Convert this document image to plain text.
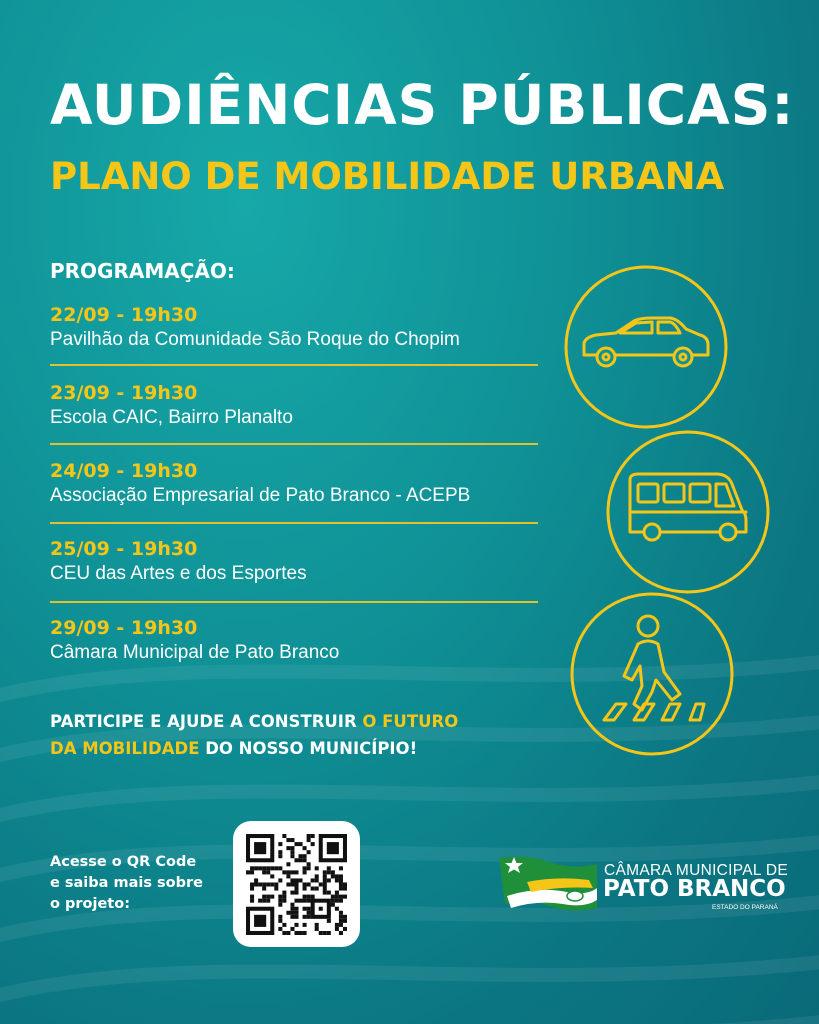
AUDIÊNCIAS PÚBLICAS:
PLANO DE MOBILIDADE URBANA
PROGRAMAÇÃO:
22/09 - 19h30
Pavilhão da Comunidade São Roque do Chopim
23/09 - 19h30
Escola CAIC, Bairro Planalto
24/09 - 19h30
Associação Empresarial de Pato Branco - ACEPB
25/09 - 19h30
CEU das Artes e dos Esportes
29/09 - 19h30
Câmara Municipal de Pato Branco
PARTICIPE E AJUDE A CONSTRUIR O FUTURO
DA MOBILIDADE DO NOSSO MUNICÍPIO!
Acesse o QR Code
e saiba mais sobre
o projeto:
CÂMARA MUNICIPAL DE
PATO BRANCO
ESTADO DO PARANÁ
